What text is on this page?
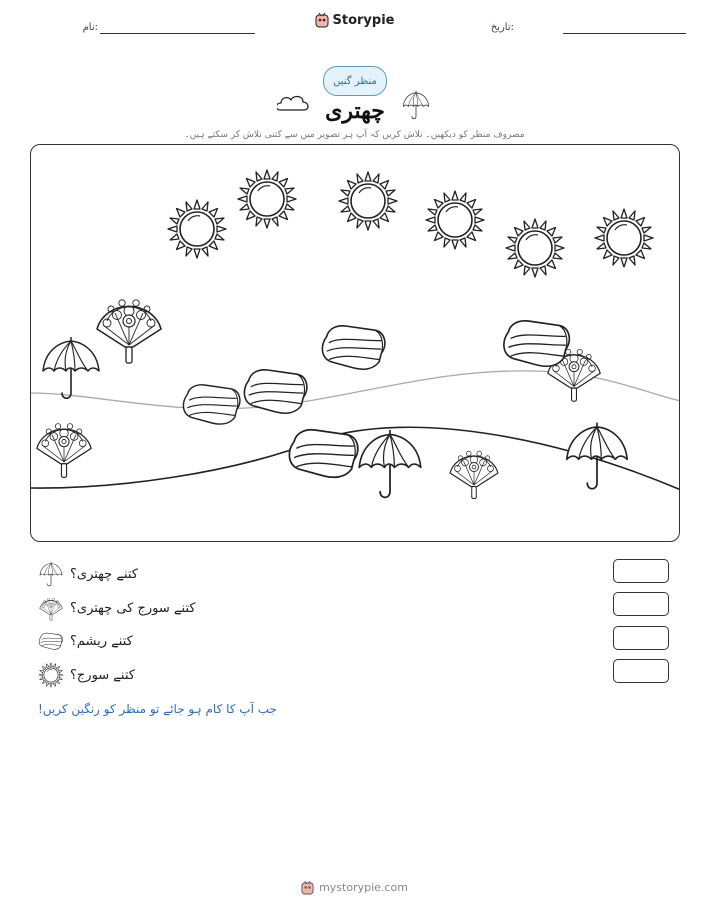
نام:	Storypie	تاریخ:
منظر گنیں
چھتری
مصروف منظر کو دیکھیں۔ تلاش کریں کہ آپ ہر تصویر میں سے کتنی تلاش کر سکتے ہیں۔
کتنے چھتری؟
کتنے سورج کی چھتری؟
کتنے ریشم؟
کتنے سورج؟
جب آپ کا کام ہو جائے تو منظر کو رنگین کریں!
mystorypie.com
